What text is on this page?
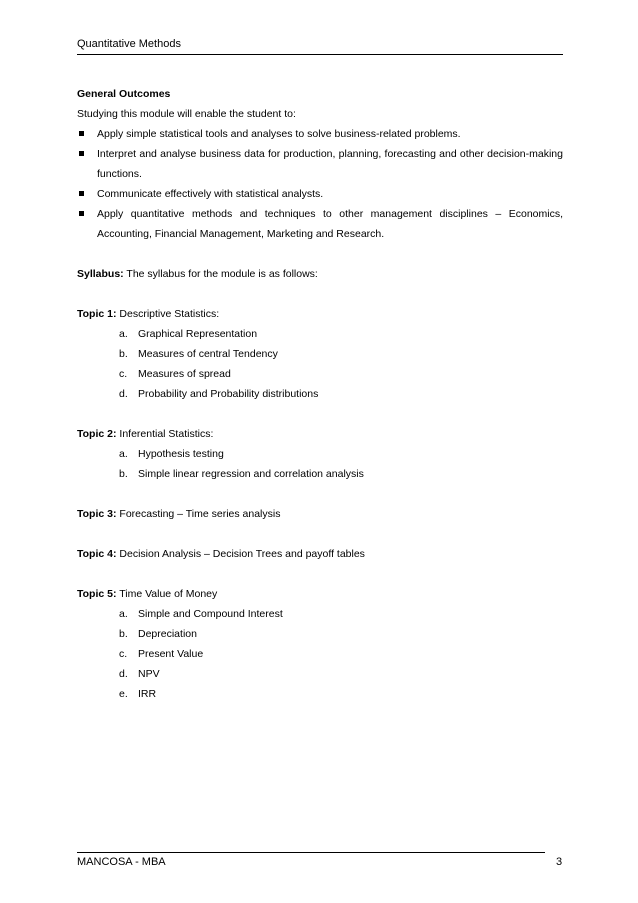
Quantitative Methods
General Outcomes
Studying this module will enable the student to:
Apply simple statistical tools and analyses to solve business-related problems.
Interpret and analyse business data for production, planning, forecasting and other decision-making functions.
Communicate effectively with statistical analysts.
Apply quantitative methods and techniques to other management disciplines – Economics, Accounting, Financial Management, Marketing and Research.
Syllabus: The syllabus for the module is as follows:
Topic 1: Descriptive Statistics:
a. Graphical Representation
b. Measures of central Tendency
c. Measures of spread
d. Probability and Probability distributions
Topic 2: Inferential Statistics:
a. Hypothesis testing
b. Simple linear regression and correlation analysis
Topic 3: Forecasting – Time series analysis
Topic 4: Decision Analysis – Decision Trees and payoff tables
Topic 5: Time Value of Money
a. Simple and Compound Interest
b. Depreciation
c. Present Value
d. NPV
e. IRR
MANCOSA - MBA	3
